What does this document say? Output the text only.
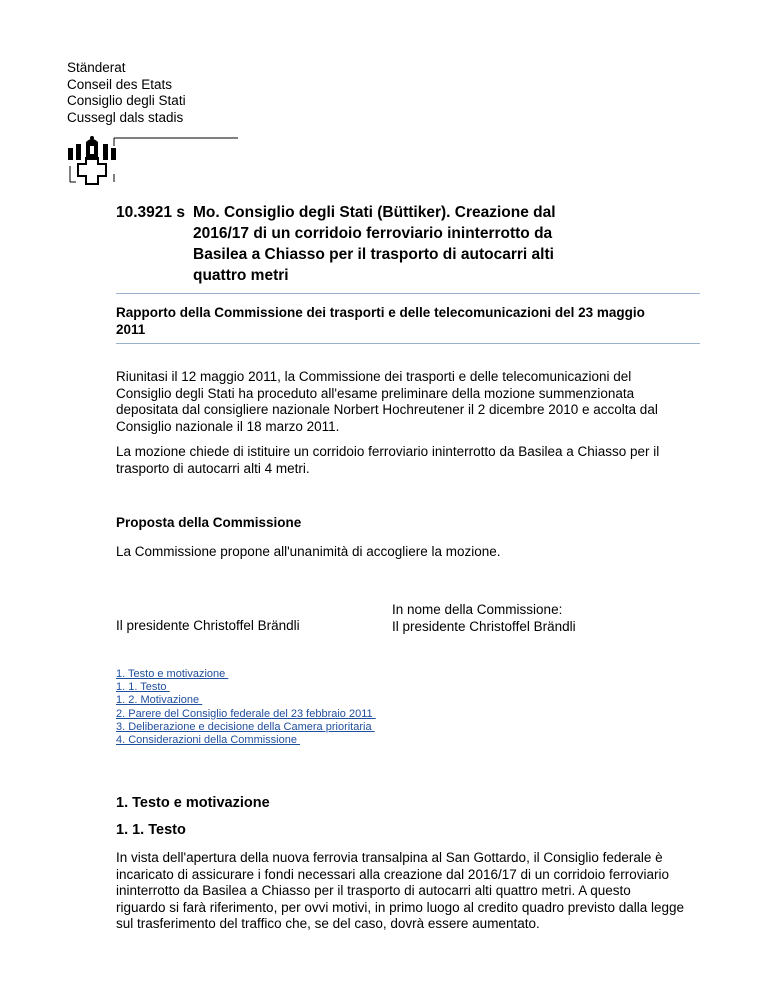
Ständerat
Conseil des Etats
Consiglio degli Stati
Cussegl dals stadis
10.3921 s Mo. Consiglio degli Stati (Büttiker). Creazione dal
2016/17 di un corridoio ferroviario ininterrotto da
Basilea a Chiasso per il trasporto di autocarri alti
quattro metri
Rapporto della Commissione dei trasporti e delle telecomunicazioni del 23 maggio
2011
Riunitasi il 12 maggio 2011, la Commissione dei trasporti e delle telecomunicazioni del
Consiglio degli Stati ha proceduto all'esame preliminare della mozione summenzionata
depositata dal consigliere nazionale Norbert Hochreutener il 2 dicembre 2010 e accolta dal
Consiglio nazionale il 18 marzo 2011.
La mozione chiede di istituire un corridoio ferroviario ininterrotto da Basilea a Chiasso per il
trasporto di autocarri alti 4 metri.
Proposta della Commissione
La Commissione propone all'unanimità di accogliere la mozione.
Il presidente Christoffel Brändli
In nome della Commissione:
Il presidente Christoffel Brändli
1. Testo e motivazione
1. 1. Testo
1. 2. Motivazione
2. Parere del Consiglio federale del 23 febbraio 2011
3. Deliberazione e decisione della Camera prioritaria
4. Considerazioni della Commissione
1. Testo e motivazione
1. 1. Testo
In vista dell'apertura della nuova ferrovia transalpina al San Gottardo, il Consiglio federale è
incaricato di assicurare i fondi necessari alla creazione dal 2016/17 di un corridoio ferroviario
ininterrotto da Basilea a Chiasso per il trasporto di autocarri alti quattro metri. A questo
riguardo si farà riferimento, per ovvi motivi, in primo luogo al credito quadro previsto dalla legge
sul trasferimento del traffico che, se del caso, dovrà essere aumentato.
